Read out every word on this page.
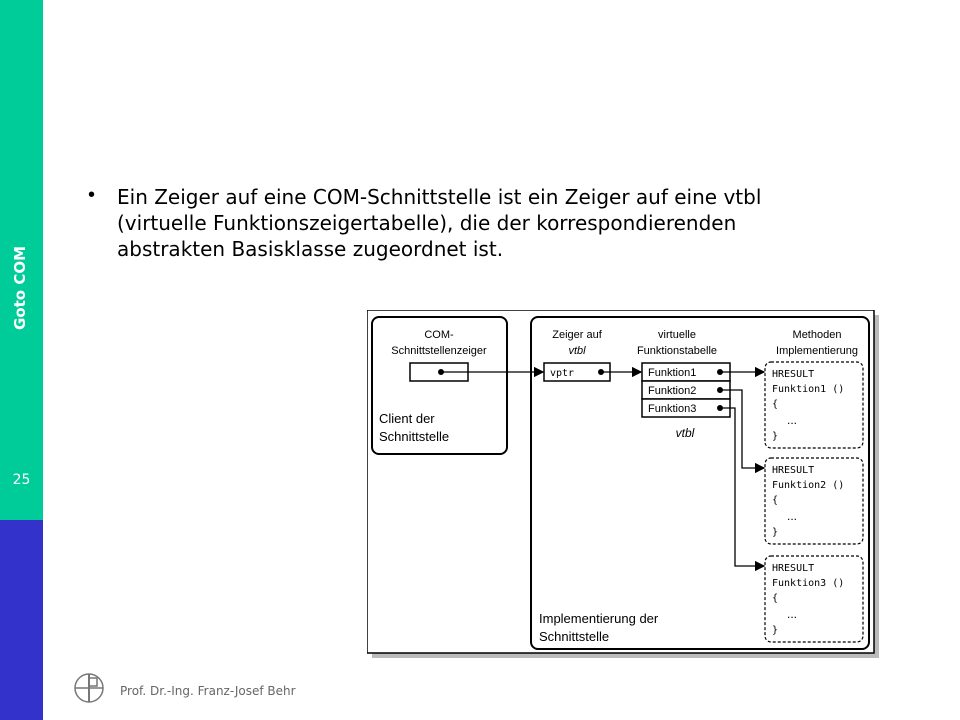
Goto COM
25
• Ein Zeiger auf eine COM-Schnittstelle ist ein Zeiger auf eine vtbl (virtuelle Funktionszeigertabelle), die der korrespondierenden abstrakten Basisklasse zugeordnet ist.
COM-
Schnittstellenzeiger
Client der
Schnittstelle
Zeiger auf
vtbl
virtuelle
Funktionstabelle
Methoden
Implementierung
vptr	Funktion1
Funktion2
Funktion3
vtbl
HRESULT
Funktion1 ()
{
...
}
HRESULT
Funktion2 ()
{
...
}
HRESULT
Funktion3 ()
{
...
}
Implementierung der
Schnittstelle
Prof. Dr.-Ing. Franz-Josef Behr
